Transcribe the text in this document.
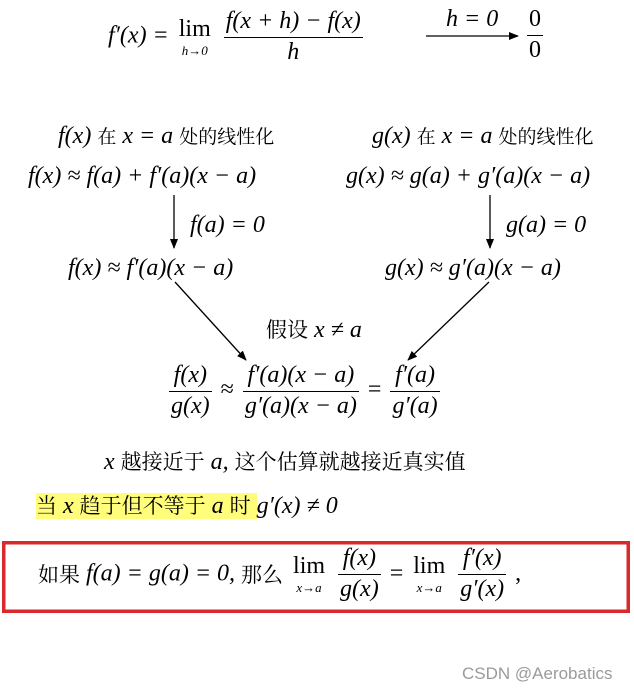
f′(x) = lim
h→0
$\frac{f(x + h) - f(x)}{h}$	$h = 0 \frac{0}{0}$
f(x) 在 x = a 处的线性化
f(x) ≈ f(a) + f′(a)(x − a)
f(a) = 0
f(x) ≈ f′(a)(x − a)
g(x) 在 x = a 处的线性化
g(x) ≈ g(a) + g′(a)(x − a)
g(a) = 0
g(x) ≈ g′(a)(x − a)
假设 x ≠ a
$\frac{f(x)}{g(x)} \approx \frac{f'(a)(x - a)}{g'(a)(x - a)} = \frac{f'(a)}{g'(a)}$
x 越接近于 a, 这个估算就越接近真实值
当 x 趋于但不等于 a 时 g′(x) ≠ 0
如果 f(a) = g(a) = 0, 那么 lim
x→a
$\frac{f(x)}{g(x)} = \lim$
x→a
$\frac{f'(x)}{g'(x)}$ ,
CSDN @Aerobatics
